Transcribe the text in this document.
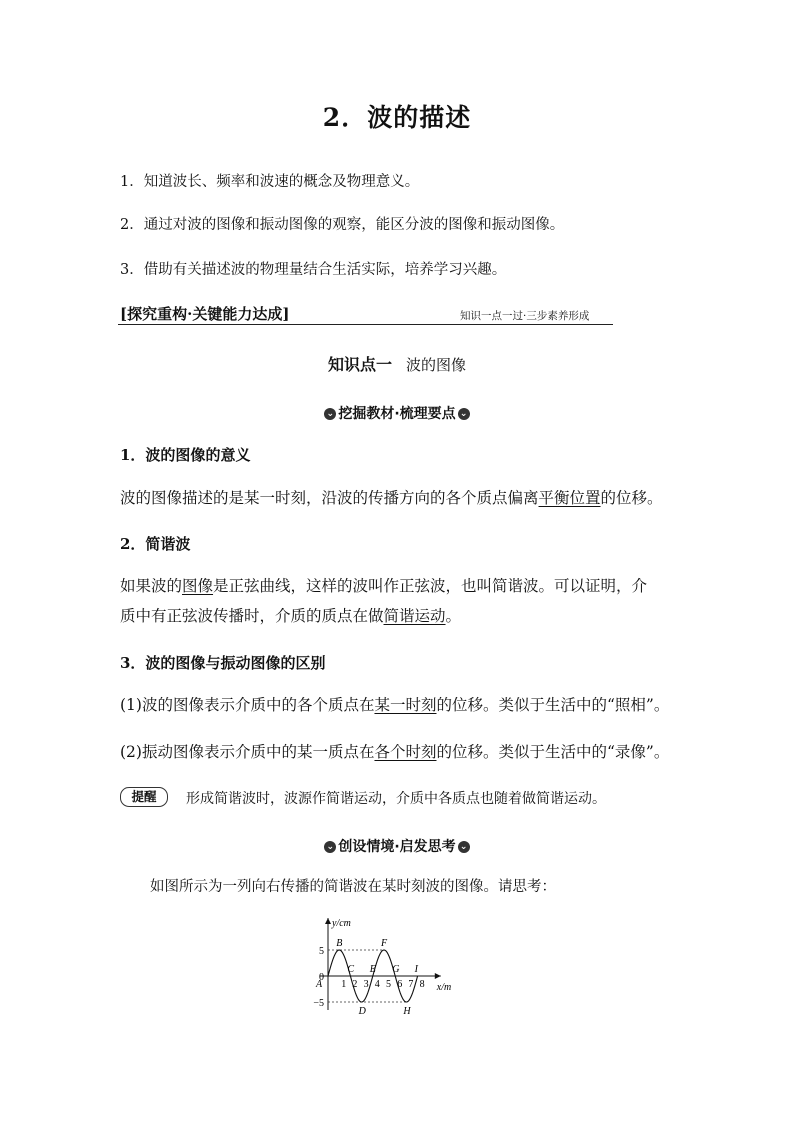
2．波的描述
1．知道波长、频率和波速的概念及物理意义。
2．通过对波的图像和振动图像的观察，能区分波的图像和振动图像。
3．借助有关描述波的物理量结合生活实际，培养学习兴趣。
[探究重构·关键能力达成]	知识一点一过·三步素养形成
知识点一 波的图像
⌄ 挖掘教材·梳理要点 ⌄
1．波的图像的意义
波的图像描述的是某一时刻，沿波的传播方向的各个质点偏离平衡位置的位移。
2．简谐波
如果波的图像是正弦曲线，这样的波叫作正弦波，也叫简谐波。可以证明，介
质中有正弦波传播时，介质的质点在做简谐运动。
3．波的图像与振动图像的区别
(1)波的图像表示介质中的各个质点在某一时刻的位移。类似于生活中的“照相”。
(2)振动图像表示介质中的某一质点在各个时刻的位移。类似于生活中的“录像”。
提醒	形成简谐波时，波源作简谐运动，介质中各质点也随着做简谐运动。
⌄ 创设情境·启发思考 ⌄
如图所示为一列向右传播的简谐波在某时刻波的图像。请思考：
y/cm
x/m
5
0
−5
1 2 3 4 5 6 7 8
A
B
C
D
E
F
G
H
I
